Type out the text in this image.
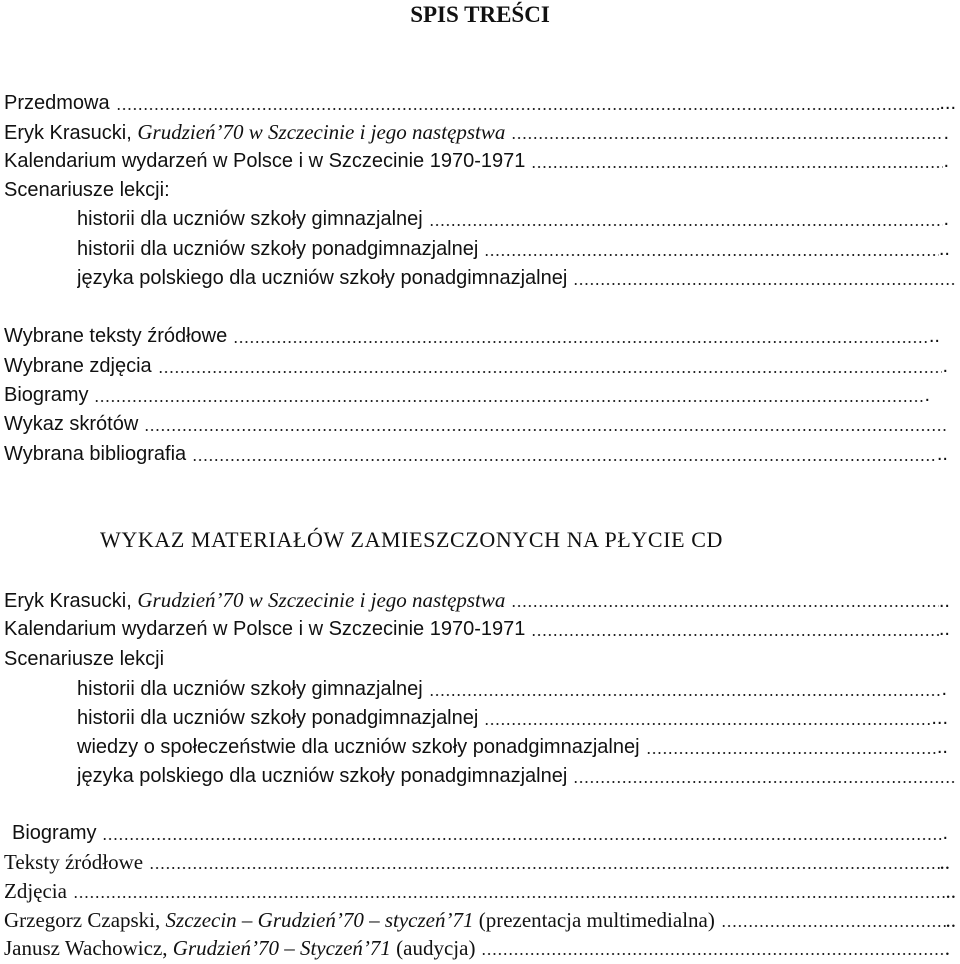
SPIS TREŚCI
Przedmowa	...
Eryk Krasucki, Grudzień’70 w Szczecinie i jego następstwa	.
Kalendarium wydarzeń w Polsce i w Szczecinie 1970-1971	.
Scenariusze lekcji:
historii dla uczniów szkoły gimnazjalnej	.
historii dla uczniów szkoły ponadgimnazjalnej	..
języka polskiego dla uczniów szkoły ponadgimnazjalnej
Wybrane teksty źródłowe	..
Wybrane zdjęcia	.
Biogramy	.
Wykaz skrótów
Wybrana bibliografia	..
WYKAZ MATERIAŁÓW ZAMIESZCZONYCH NA PŁYCIE CD
Eryk Krasucki, Grudzień’70 w Szczecinie i jego następstwa	..
Kalendarium wydarzeń w Polsce i w Szczecinie 1970-1971	..
Scenariusze lekcji
historii dla uczniów szkoły gimnazjalnej	.
historii dla uczniów szkoły ponadgimnazjalnej	...
wiedzy o społeczeństwie dla uczniów szkoły ponadgimnazjalnej	..
języka polskiego dla uczniów szkoły ponadgimnazjalnej
Biogramy	.
Teksty źródłowe	..
Zdjęcia	..
Grzegorz Czapski, Szczecin – Grudzień’70 – styczeń’71 (prezentacja multimedialna)	..
Janusz Wachowicz, Grudzień’70 – Styczeń’71 (audycja)	.
